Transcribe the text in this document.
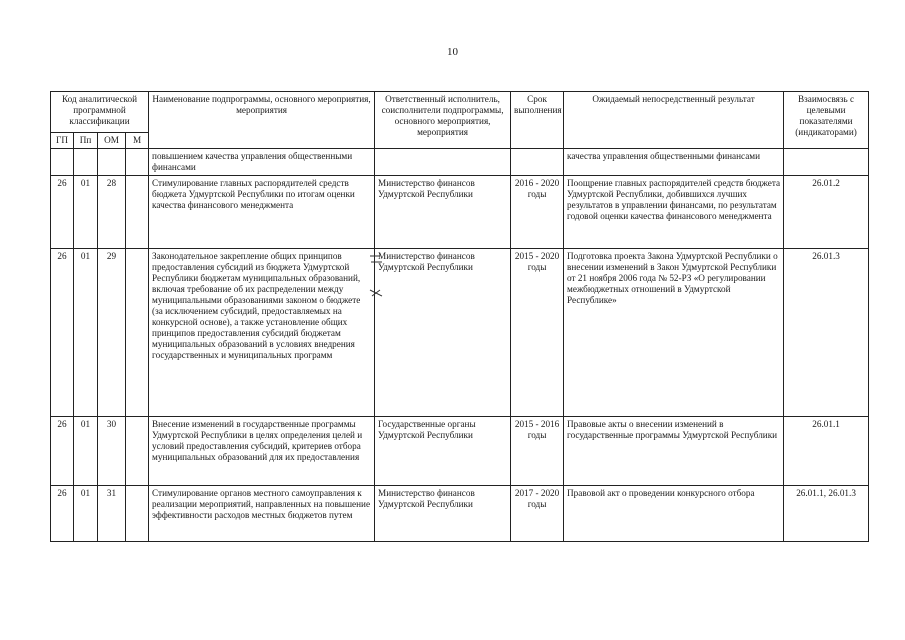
10
Код аналитической программной классификации				Наименование подпрограммы, основного мероприятия, мероприятия	Ответственный исполнитель, соисполнители подпрограммы, основного мероприятия, мероприятия	Срок выполнения	Ожидаемый непосредственный результат	Взаимосвязь с целевыми показателями (индикаторами)
ГП	Пп	ОМ	М					
				повышением качества управления общественными финансами			качества управления общественными финансами	
26	01	28		Стимулирование главных распорядителей средств бюджета Удмуртской Республики по итогам оценки качества финансового менеджмента	Министерство финансов Удмуртской Республики	2016 - 2020 годы	Поощрение главных распорядителей средств бюджета Удмуртской Республики, добившихся лучших результатов в управлении финансами, по результатам годовой оценки качества финансового менеджмента	26.01.2
26	01	29		Законодательное закрепление общих принципов предоставления субсидий из бюджета Удмуртской Республики бюджетам муниципальных образований, включая требование об их распределении между муниципальными образованиями законом о бюджете (за исключением субсидий, предоставляемых на конкурсной основе), а также установление общих принципов предоставления субсидий бюджетам муниципальных образований в условиях внедрения государственных и муниципальных программ	Министерство финансов Удмуртской Республики	2015 - 2020 годы	Подготовка проекта Закона Удмуртской Республики о внесении изменений в Закон Удмуртской Республики от 21 ноября 2006 года № 52-РЗ «О регулировании межбюджетных отношений в Удмуртской Республике»	26.01.3
26	01	30		Внесение изменений в государственные программы Удмуртской Республики в целях определения целей и условий предоставления субсидий, критериев отбора муниципальных образований для их предоставления	Государственные органы Удмуртской Республики	2015 - 2016 годы	Правовые акты о внесении изменений в государственные программы Удмуртской Республики	26.01.1
26	01	31		Стимулирование органов местного самоуправления к реализации мероприятий, направленных на повышение эффективности расходов местных бюджетов путем	Министерство финансов Удмуртской Республики	2017 - 2020 годы	Правовой акт о проведении конкурсного отбора	26.01.1, 26.01.3
